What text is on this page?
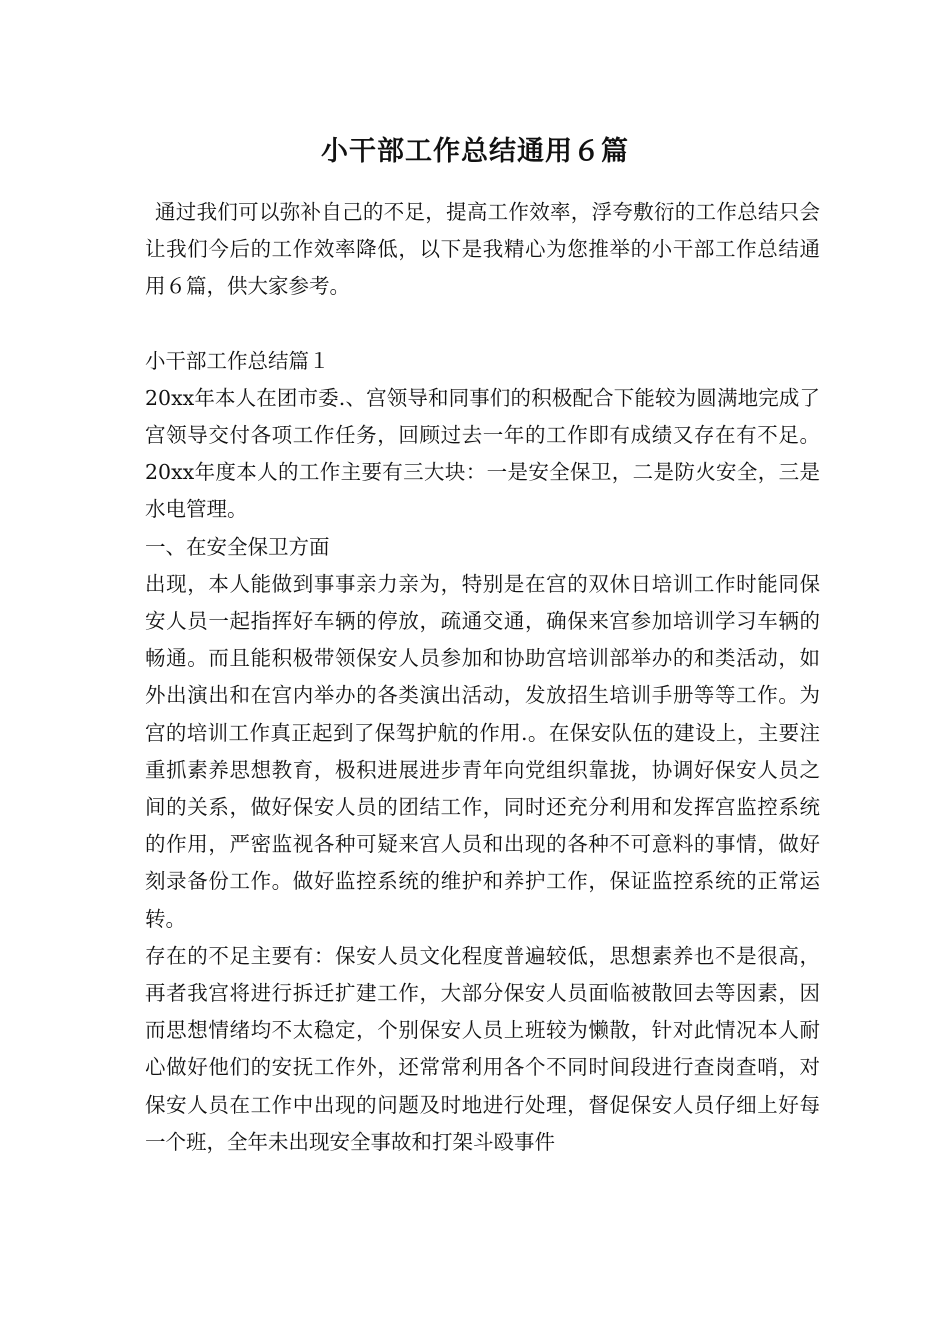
小干部工作总结通用６篇

通过我们可以弥补自己的不足，提高工作效率，浮夸敷衍的工作总结只会让我们今后的工作效率降低，以下是我精心为您推举的小干部工作总结通用６篇，供大家参考。

小干部工作总结篇１

20xx年本人在团市委.、宫领导和同事们的积极配合下能较为圆满地完成了宫领导交付各项工作任务，回顾过去一年的工作即有成绩又存在有不足。20xx年度本人的工作主要有三大块：一是安全保卫，二是防火安全，三是水电管理。

一、在安全保卫方面

出现，本人能做到事事亲力亲为，特别是在宫的双休日培训工作时能同保安人员一起指挥好车辆的停放，疏通交通，确保来宫参加培训学习车辆的畅通。而且能积极带领保安人员参加和协助宫培训部举办的和类活动，如外出演出和在宫内举办的各类演出活动，发放招生培训手册等等工作。为宫的培训工作真正起到了保驾护航的作用.。在保安队伍的建设上，主要注重抓素养思想教育，极积进展进步青年向党组织靠拢，协调好保安人员之间的关系，做好保安人员的团结工作，同时还充分利用和发挥宫监控系统的作用，严密监视各种可疑来宫人员和出现的各种不可意料的事情，做好刻录备份工作。做好监控系统的维护和养护工作，保证监控系统的正常运转。

存在的不足主要有：保安人员文化程度普遍较低，思想素养也不是很高，再者我宫将进行拆迁扩建工作，大部分保安人员面临被散回去等因素，因而思想情绪均不太稳定，个别保安人员上班较为懒散，针对此情况本人耐心做好他们的安抚工作外，还常常利用各个不同时间段进行查岗查哨，对保安人员在工作中出现的问题及时地进行处理，督促保安人员仔细上好每一个班，全年未出现安全事故和打架斗殴事件
